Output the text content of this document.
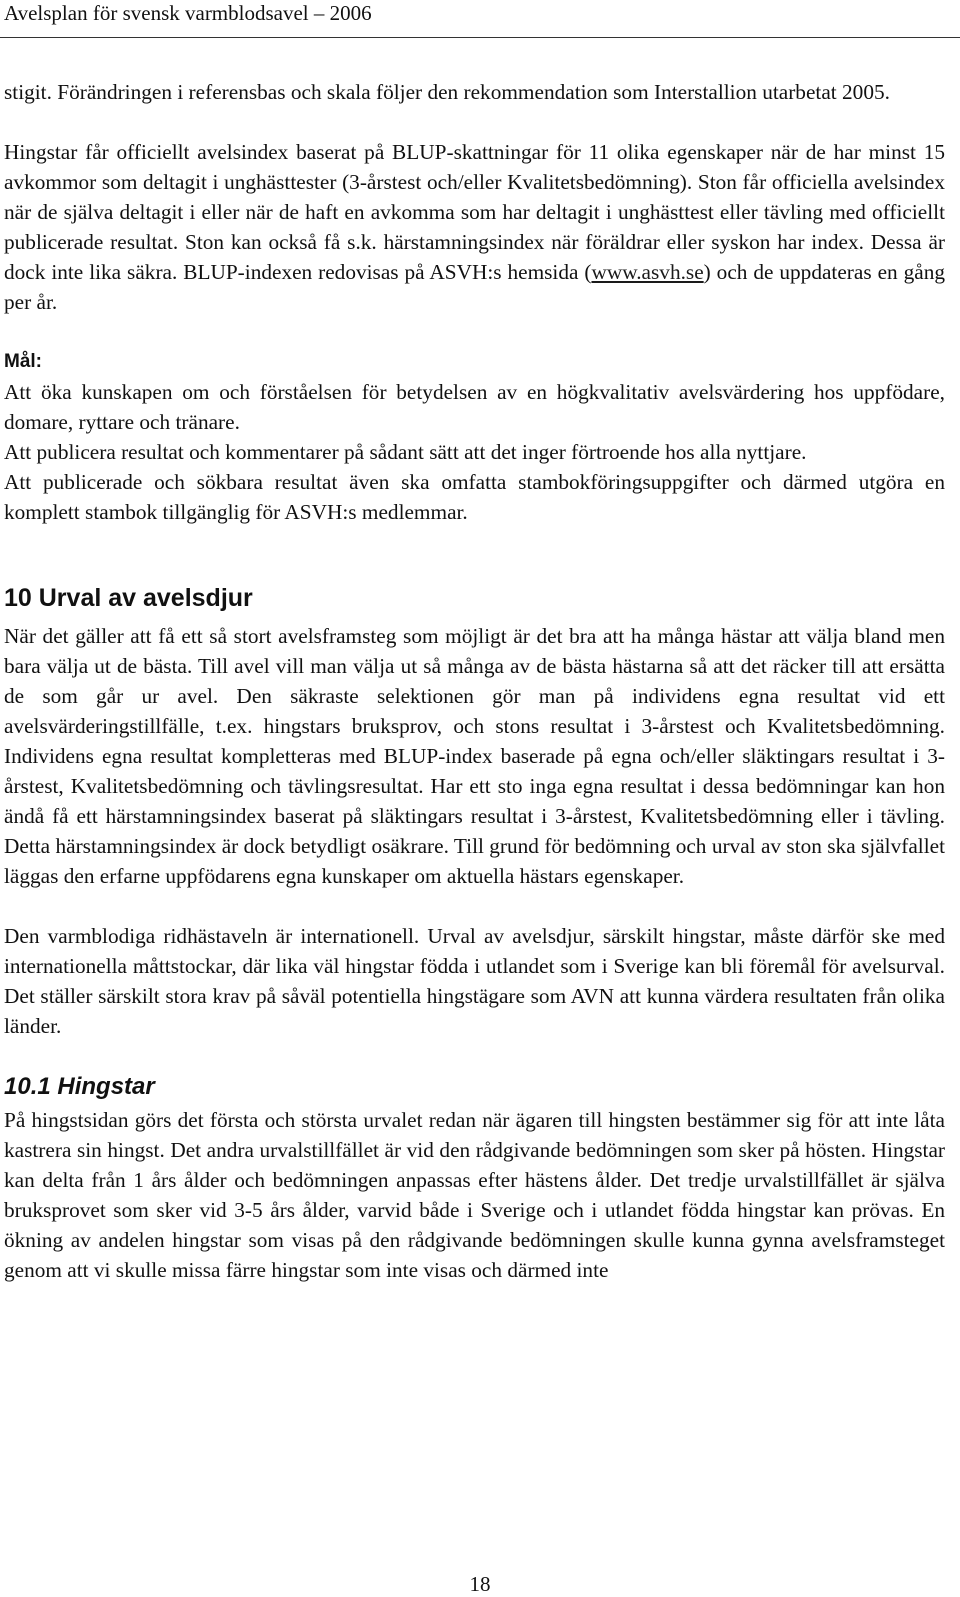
Avelsplan för svensk varmblodsavel – 2006

stigit. Förändringen i referensbas och skala följer den rekommendation som Interstallion utarbetat 2005.

Hingstar får officiellt avelsindex baserat på BLUP-skattningar för 11 olika egenskaper när de har minst 15 avkommor som deltagit i unghästtester (3-årstest och/eller Kvalitetsbedömning). Ston får officiella avelsindex när de själva deltagit i eller när de haft en avkomma som har deltagit i unghästtest eller tävling med officiellt publicerade resultat. Ston kan också få s.k. härstamningsindex när föräldrar eller syskon har index. Dessa är dock inte lika säkra. BLUP-indexen redovisas på ASVH:s hemsida (www.asvh.se) och de uppdateras en gång per år.

Mål:

Att öka kunskapen om och förståelsen för betydelsen av en högkvalitativ avelsvärdering hos uppfödare, domare, ryttare och tränare.

Att publicera resultat och kommentarer på sådant sätt att det inger förtroende hos alla nyttjare.

Att publicerade och sökbara resultat även ska omfatta stambokföringsuppgifter och därmed utgöra en komplett stambok tillgänglig för ASVH:s medlemmar.

10 Urval av avelsdjur

När det gäller att få ett så stort avelsframsteg som möjligt är det bra att ha många hästar att välja bland men bara välja ut de bästa. Till avel vill man välja ut så många av de bästa hästarna så att det räcker till att ersätta de som går ur avel. Den säkraste selektionen gör man på individens egna resultat vid ett avelsvärderingstillfälle, t.ex. hingstars bruksprov, och stons resultat i 3-årstest och Kvalitetsbedömning. Individens egna resultat kompletteras med BLUP-index baserade på egna och/eller släktingars resultat i 3-årstest, Kvalitetsbedömning och tävlingsresultat. Har ett sto inga egna resultat i dessa bedömningar kan hon ändå få ett härstamningsindex baserat på släktingars resultat i 3-årstest, Kvalitetsbedömning eller i tävling. Detta härstamningsindex är dock betydligt osäkrare. Till grund för bedömning och urval av ston ska självfallet läggas den erfarne uppfödarens egna kunskaper om aktuella hästars egenskaper.

Den varmblodiga ridhästaveln är internationell. Urval av avelsdjur, särskilt hingstar, måste därför ske med internationella måttstockar, där lika väl hingstar födda i utlandet som i Sverige kan bli föremål för avelsurval. Det ställer särskilt stora krav på såväl potentiella hingstägare som AVN att kunna värdera resultaten från olika länder.

10.1 Hingstar

På hingstsidan görs det första och största urvalet redan när ägaren till hingsten bestämmer sig för att inte låta kastrera sin hingst. Det andra urvalstillfället är vid den rådgivande bedömningen som sker på hösten. Hingstar kan delta från 1 års ålder och bedömningen anpassas efter hästens ålder. Det tredje urvalstillfället är själva bruksprovet som sker vid 3-5 års ålder, varvid både i Sverige och i utlandet födda hingstar kan prövas. En ökning av andelen hingstar som visas på den rådgivande bedömningen skulle kunna gynna avelsframsteget genom att vi skulle missa färre hingstar som inte visas och därmed inte

18
